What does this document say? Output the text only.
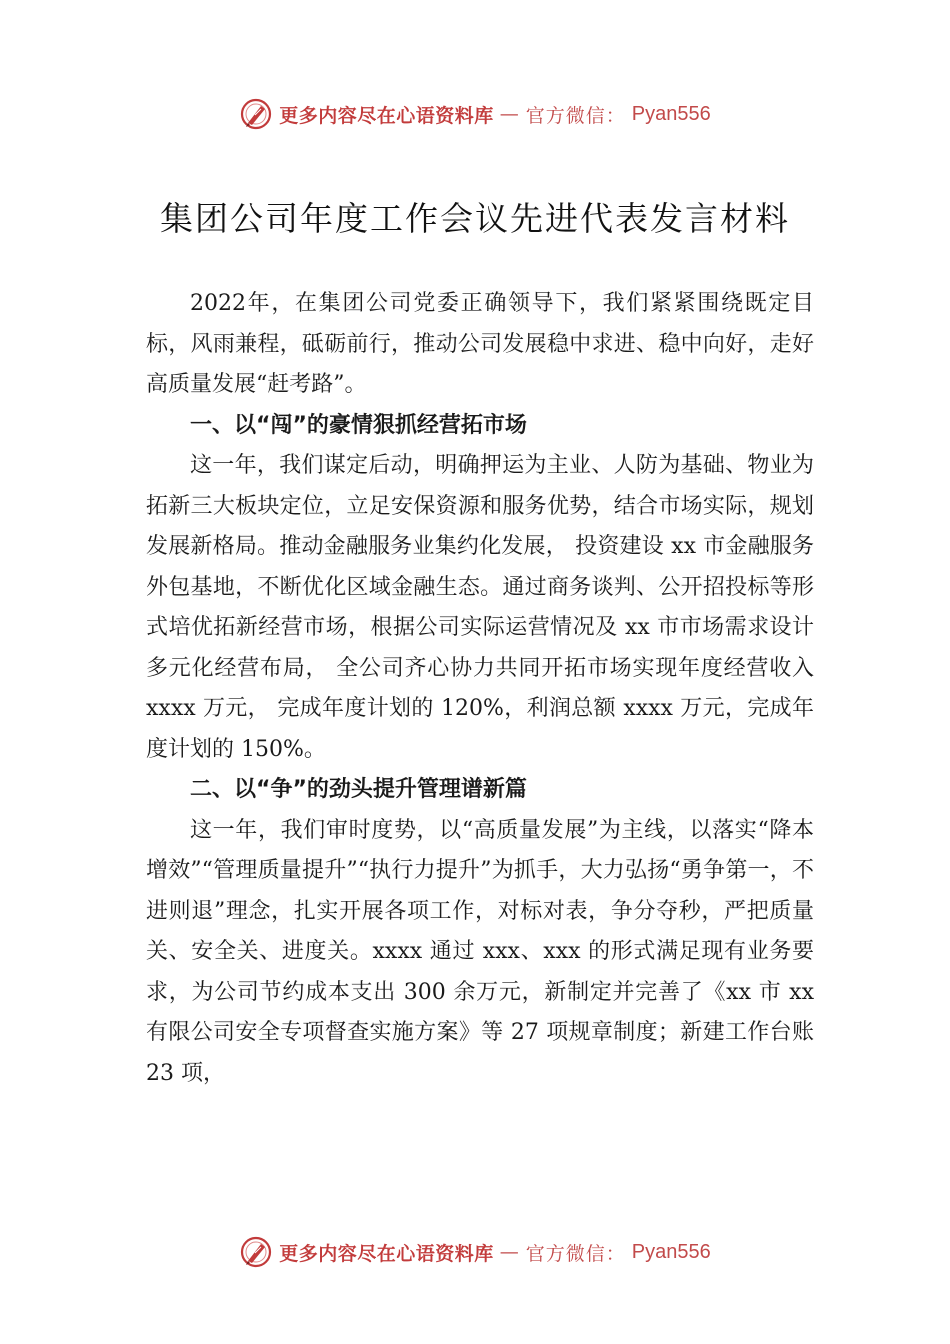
更多内容尽在心语资料库 — 官方微信： Pyan556
集团公司年度工作会议先进代表发言材料

2022年，在集团公司党委正确领导下，我们紧紧围绕既定目标，风雨兼程，砥砺前行，推动公司发展稳中求进、稳中向好，走好高质量发展“赶考路”。

一、以“闯”的豪情狠抓经营拓市场

这一年，我们谋定后动，明确押运为主业、人防为基础、物业为拓新三大板块定位，立足安保资源和服务优势，结合市场实际，规划发展新格局。推动金融服务业集约化发展， 投资建设 xx 市金融服务外包基地，不断优化区域金融生态。通过商务谈判、公开招投标等形式培优拓新经营市场，根据公司实际运营情况及 xx 市市场需求设计多元化经营布局， 全公司齐心协力共同开拓市场实现年度经营收入 xxxx 万元， 完成年度计划的 120%，利润总额 xxxx 万元，完成年度计划的 150%。

二、以“争”的劲头提升管理谱新篇

这一年，我们审时度势，以“高质量发展”为主线，以落实“降本增效”“管理质量提升”“执行力提升”为抓手，大力弘扬“勇争第一，不进则退”理念，扎实开展各项工作，对标对表，争分夺秒，严把质量关、安全关、进度关。xxxx 通过 xxx、xxx 的形式满足现有业务要求，为公司节约成本支出 300 余万元，新制定并完善了《xx 市 xx 有限公司安全专项督查实施方案》等 27 项规章制度；新建工作台账 23 项，

更多内容尽在心语资料库 — 官方微信： Pyan556
